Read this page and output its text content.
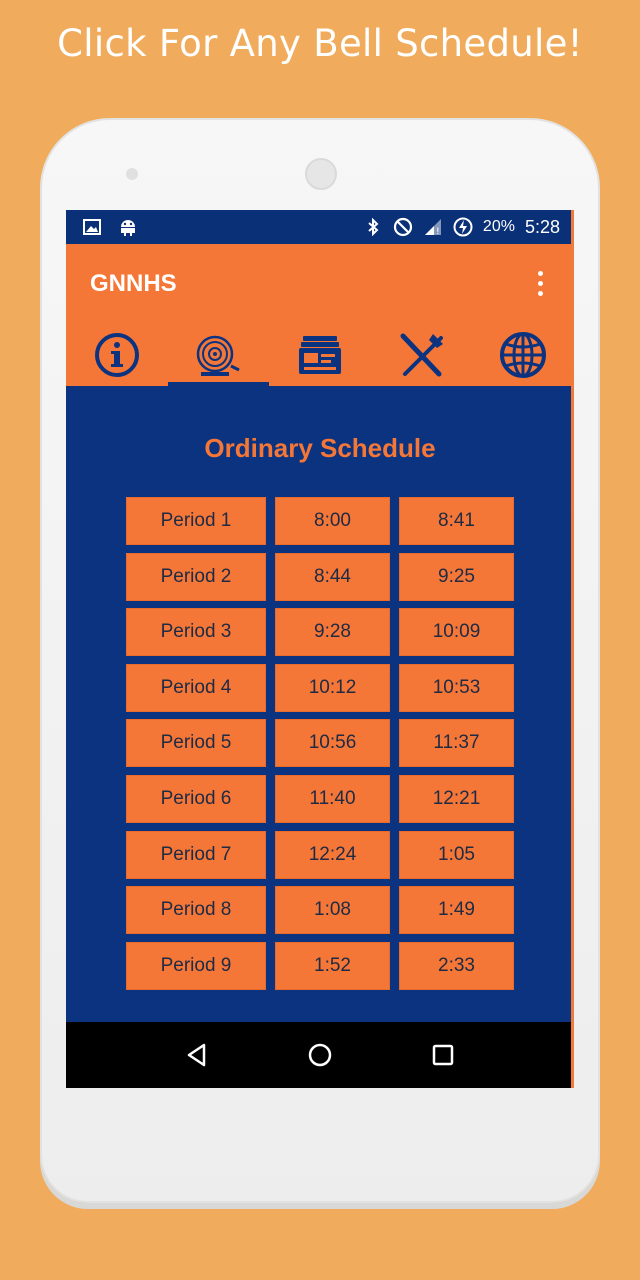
Click For Any Bell Schedule!
!	20% 5:28
GNNHS
Ordinary Schedule
Period 1	8:00	8:41
Period 2	8:44	9:25
Period 3	9:28	10:09
Period 4	10:12	10:53
Period 5	10:56	11:37
Period 6	11:40	12:21
Period 7	12:24	1:05
Period 8	1:08	1:49
Period 9	1:52	2:33
